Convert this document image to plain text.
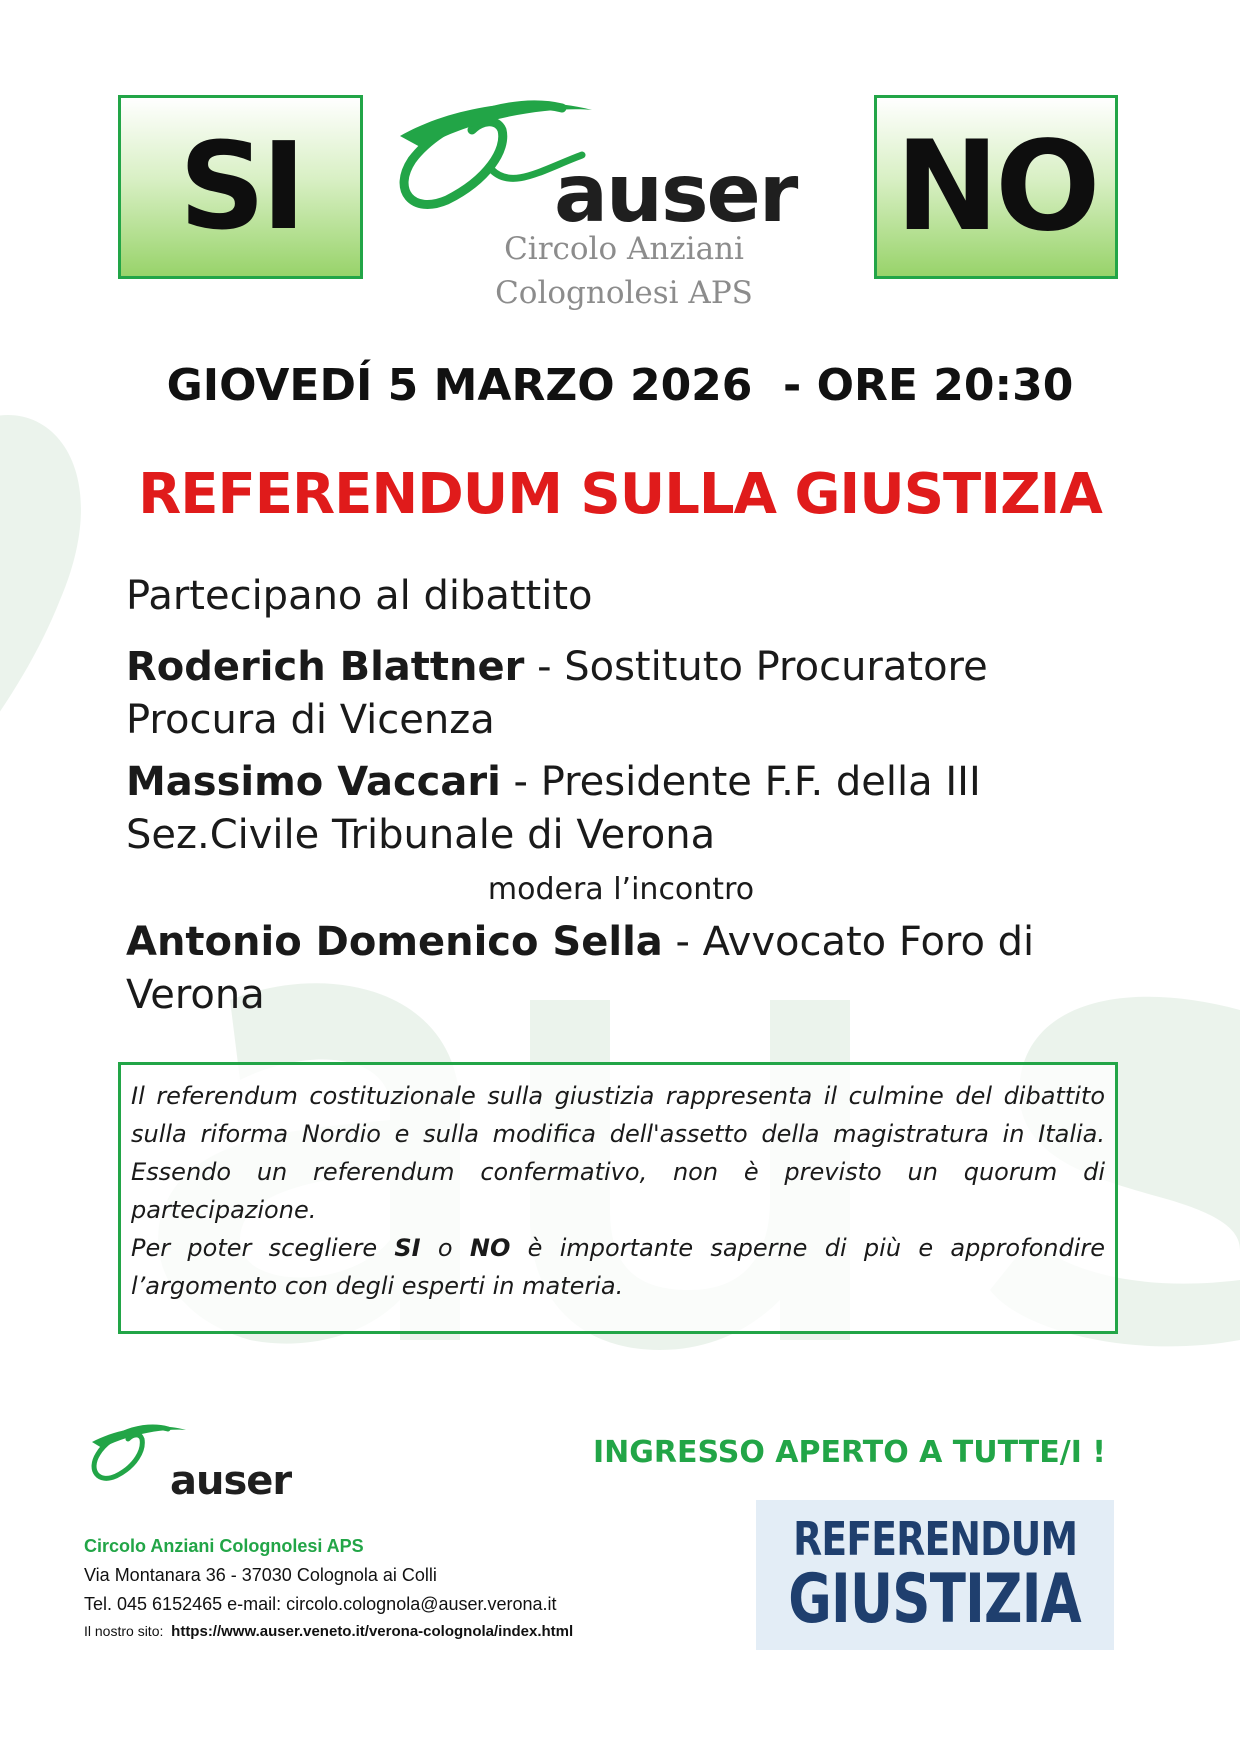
SI	auser
Circolo Anziani
Colognolesi APS
NO
GIOVEDÍ 5 MARZO 2026  - ORE 20:30
REFERENDUM SULLA GIUSTIZIA
Partecipano al dibattito
Roderich Blattner - Sostituto Procuratore Procura di Vicenza
Massimo Vaccari - Presidente F.F. della III Sez.Civile Tribunale di Verona
modera l’incontro
Antonio Domenico Sella - Avvocato Foro di Verona

Il referendum costituzionale sulla giustizia rappresenta il culmine del dibattito sulla riforma Nordio e sulla modifica dell'assetto della magistratura in Italia. Essendo un referendum confermativo, non è previsto un quorum di partecipazione.

Per poter scegliere SI o NO è importante saperne di più e approfondire l’argomento con degli esperti in materia.

auser
INGRESSO APERTO A TUTTE/I !
Circolo Anziani Colognolesi APS
Via Montanara 36 - 37030 Colognola ai Colli
Tel. 045 6152465 e-mail: circolo.colognola@auser.verona.it
Il nostro sito: https://www.auser.veneto.it/verona-colognola/index.html
REFERENDUM
GIUSTIZIA
